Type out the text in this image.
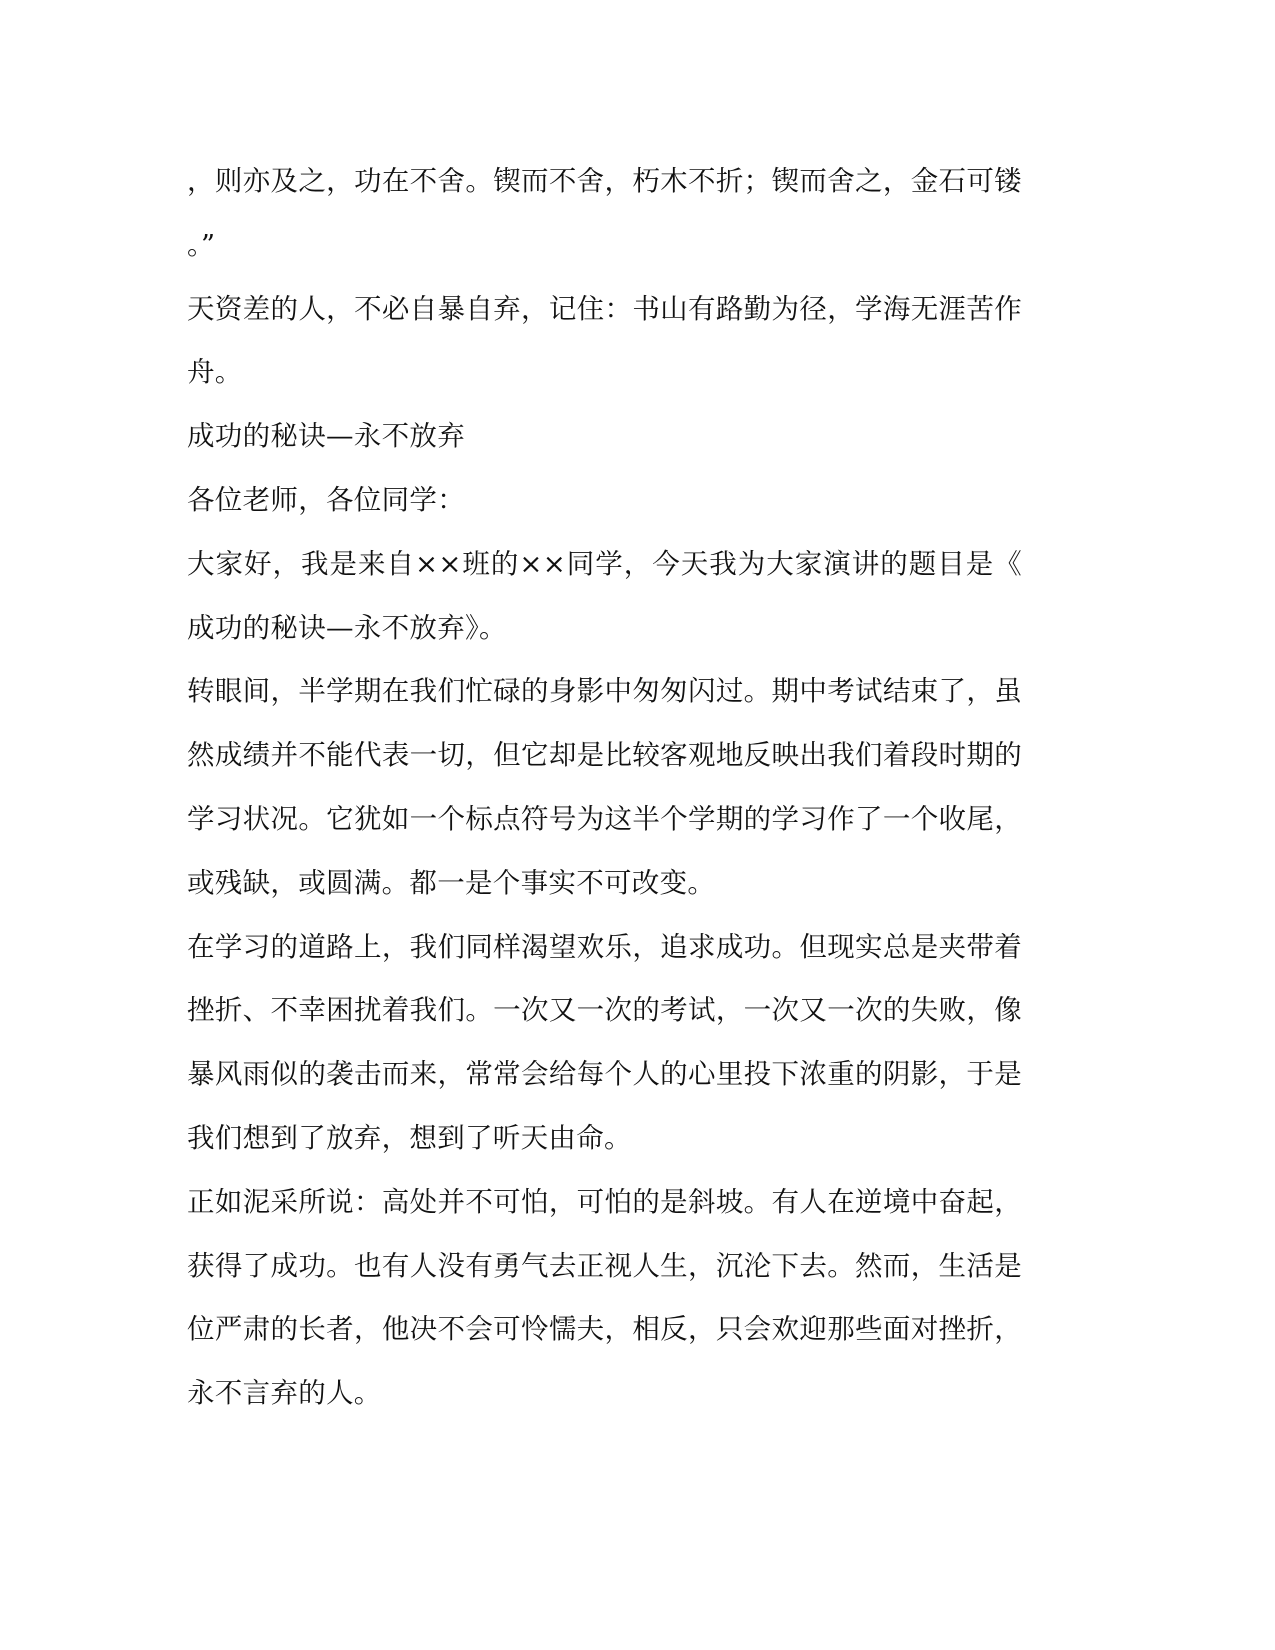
，则亦及之，功在不舍。锲而不舍，朽木不折；锲而舍之，金石可镂
。”
天资差的人，不必自暴自弃，记住：书山有路勤为径，学海无涯苦作
舟。
成功的秘诀—永不放弃
各位老师，各位同学：
大家好，我是来自××班的××同学，今天我为大家演讲的题目是《
成功的秘诀—永不放弃》。
转眼间，半学期在我们忙碌的身影中匆匆闪过。期中考试结束了，虽
然成绩并不能代表一切，但它却是比较客观地反映出我们着段时期的
学习状况。它犹如一个标点符号为这半个学期的学习作了一个收尾，
或残缺，或圆满。都一是个事实不可改变。
在学习的道路上，我们同样渴望欢乐，追求成功。但现实总是夹带着
挫折、不幸困扰着我们。一次又一次的考试，一次又一次的失败，像
暴风雨似的袭击而来，常常会给每个人的心里投下浓重的阴影，于是
我们想到了放弃，想到了听天由命。
正如泥采所说：高处并不可怕，可怕的是斜坡。有人在逆境中奋起，
获得了成功。也有人没有勇气去正视人生，沉沦下去。然而，生活是
位严肃的长者，他决不会可怜懦夫，相反，只会欢迎那些面对挫折，
永不言弃的人。
